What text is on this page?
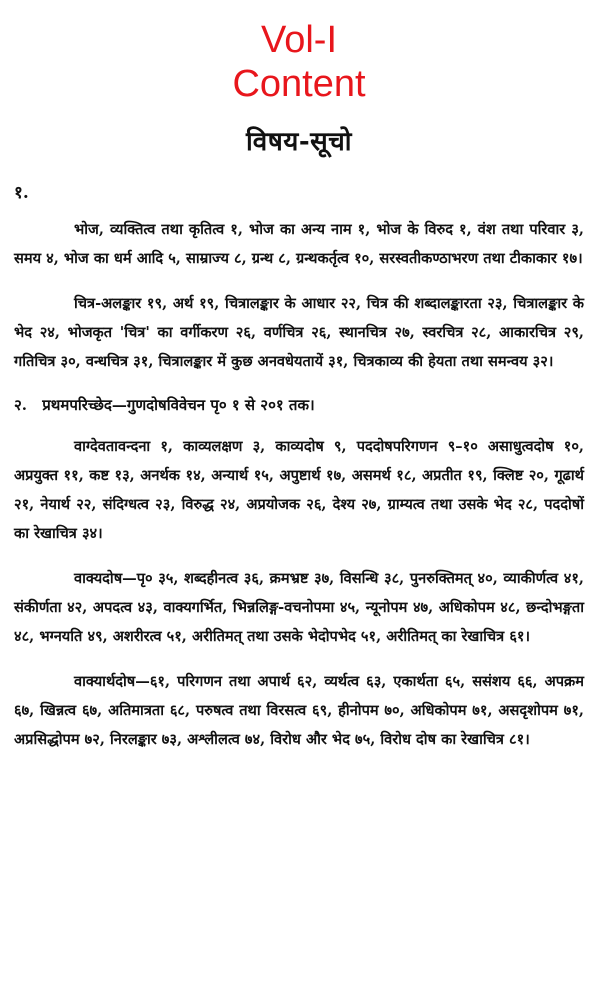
Vol-I
Content
विषय-सूचो
१.

भोज, व्यक्तित्व तथा कृतित्व १, भोज का अन्य नाम १, भोज के विरुद १, वंश तथा परिवार ३, समय ४, भोज का धर्म आदि ५, साम्राज्य ८, ग्रन्थ ८, ग्रन्थकर्तृत्व १०, सरस्वतीकण्ठाभरण तथा टीकाकार १७।

चित्र-अलङ्कार १९, अर्थ १९, चित्रालङ्कार के आधार २२, चित्र की शब्दालङ्कारता २३, चित्रालङ्कार के भेद २४, भोजकृत 'चित्र' का वर्गीकरण २६, वर्णचित्र २६, स्थानचित्र २७, स्वरचित्र २८, आकारचित्र २९, गतिचित्र ३०, वन्धचित्र ३१, चित्रालङ्कार में कुछ अनवधेयतायें ३१, चित्रकाव्य की हेयता तथा समन्वय ३२।

२. प्रथमपरिच्छेद—गुणदोषविवेचन पृ० १ से २०१ तक।

वाग्देवतावन्दना १, काव्यलक्षण ३, काव्यदोष ९, पददोषपरिगणन ९–१० असाधुत्वदोष १०, अप्रयुक्त ११, कष्ट १३, अनर्थक १४, अन्यार्थ १५, अपुष्टार्थ १७, असमर्थ १८, अप्रतीत १९, क्लिष्ट २०, गूढार्थ २१, नेयार्थ २२, संदिग्धत्व २३, विरुद्ध २४, अप्रयोजक २६, देश्य २७, ग्राम्यत्व तथा उसके भेद २८, पददोषों का रेखाचित्र ३४।

वाक्यदोष—पृ० ३५, शब्दहीनत्व ३६, क्रमभ्रष्ट ३७, विसन्धि ३८, पुनरुक्तिमत् ४०, व्याकीर्णत्व ४१, संकीर्णता ४२, अपदत्व ४३, वाक्यगर्भित, भिन्नलिङ्ग-वचनोपमा ४५, न्यूनोपम ४७, अधिकोपम ४८, छन्दोभङ्गता ४८, भग्नयति ४९, अशरीरत्व ५१, अरीतिमत् तथा उसके भेदोपभेद ५१, अरीतिमत् का रेखाचित्र ६१।

वाक्यार्थदोष—६१, परिगणन तथा अपार्थ ६२, व्यर्थत्व ६३, एकार्थता ६५, ससंशय ६६, अपक्रम ६७, खिन्नत्व ६७, अतिमात्रता ६८, परुषत्व तथा विरसत्व ६९, हीनोपम ७०, अधिकोपम ७१, असदृशोपम ७१, अप्रसिद्धोपम ७२, निरलङ्कार ७३, अश्लीलत्व ७४, विरोध और भेद ७५, विरोध दोष का रेखाचित्र ८१।
